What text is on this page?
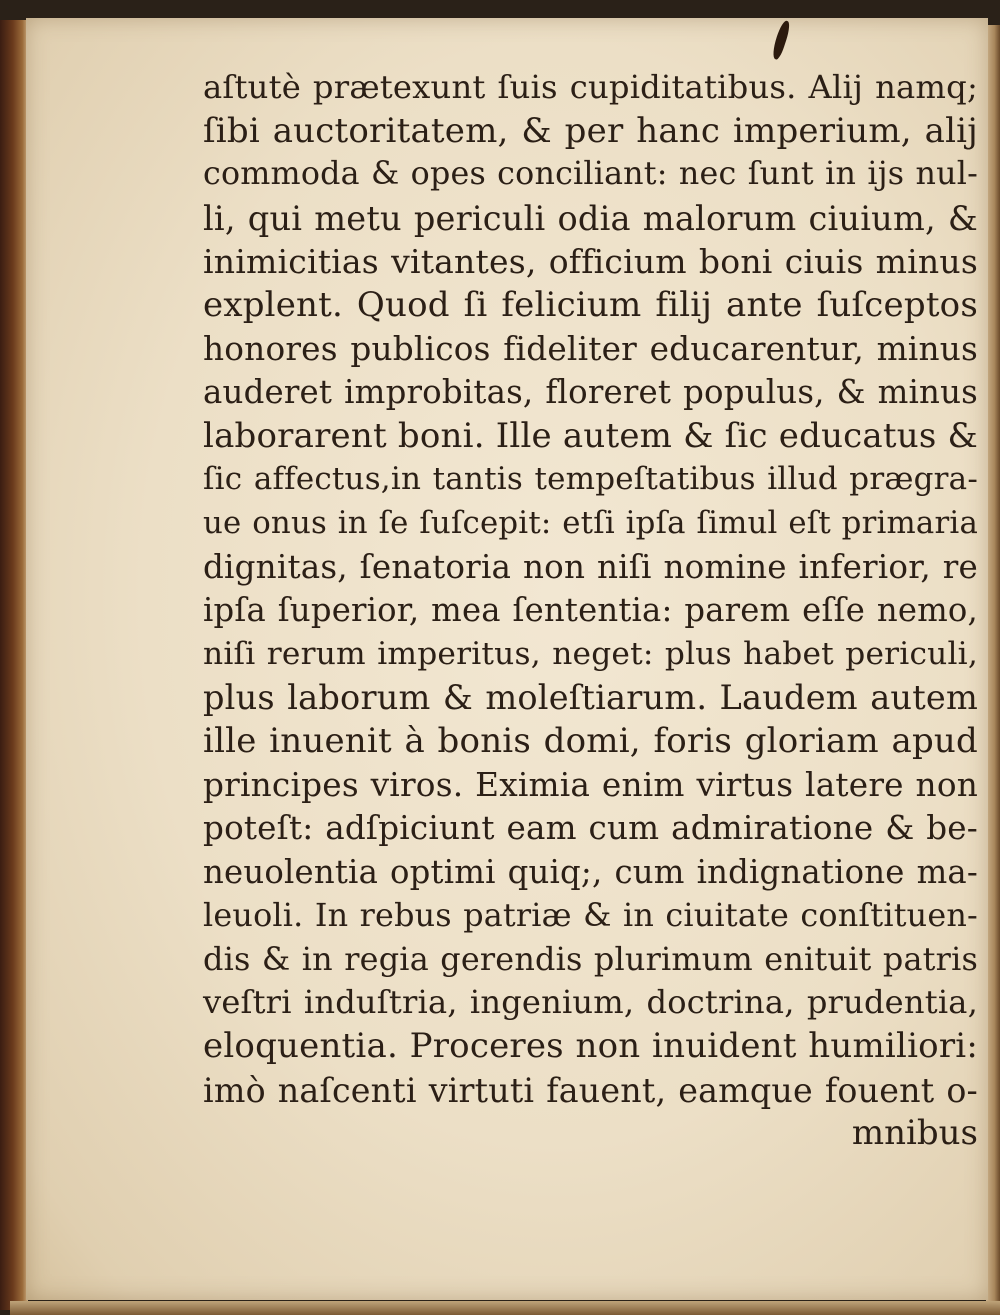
aſtutè prætexunt ſuis cupiditatibus. Alij namq;
ſibi auctoritatem, & per hanc imperium, alij
commoda & opes conciliant: nec ſunt in ijs nul-
li, qui metu periculi odia malorum ciuium, &
inimicitias vitantes, officium boni ciuis minus
explent. Quod ſi felicium filij ante ſuſceptos
honores publicos fideliter educarentur, minus
auderet improbitas, floreret populus, & minus
laborarent boni. Ille autem & ſic educatus &
ſic affectus,in tantis tempeſtatibus illud prægra-
ue onus in ſe ſuſcepit: etſi ipſa ſimul eſt primaria
dignitas, ſenatoria non niſi nomine inferior, re
ipſa ſuperior, mea ſententia: parem eſſe nemo,
niſi rerum imperitus, neget: plus habet periculi,
plus laborum & moleſtiarum. Laudem autem
ille inuenit à bonis domi, foris gloriam apud
principes viros. Eximia enim virtus latere non
poteſt: adſpiciunt eam cum admiratione & be-
neuolentia optimi quiq;, cum indignatione ma-
leuoli. In rebus patriæ & in ciuitate conſtituen-
dis & in regia gerendis plurimum enituit patris
veſtri induſtria, ingenium, doctrina, prudentia,
eloquentia. Proceres non inuident humiliori:
imò naſcenti virtuti fauent, eamque fouent o-
mnibus
